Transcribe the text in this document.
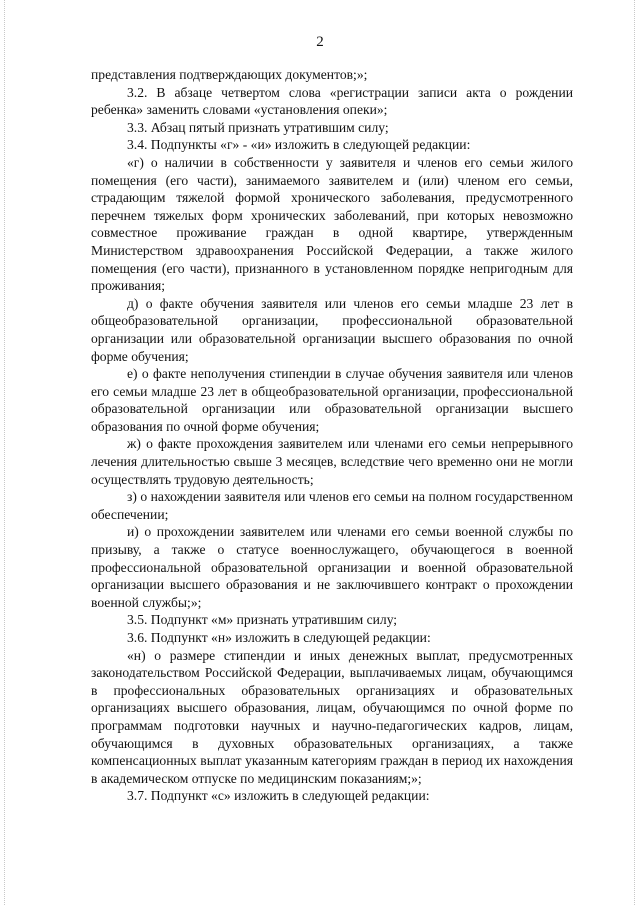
2

представления подтверждающих документов;»;

3.2. В абзаце четвертом слова «регистрации записи акта о рождении ребенка» заменить словами «установления опеки»;

3.3. Абзац пятый признать утратившим силу;

3.4. Подпункты «г» - «и» изложить в следующей редакции:

«г) о наличии в собственности у заявителя и членов его семьи жилого помещения (его части), занимаемого заявителем и (или) членом его семьи, страдающим тяжелой формой хронического заболевания, предусмотренного перечнем тяжелых форм хронических заболеваний, при которых невозможно совместное проживание граждан в одной квартире, утвержденным Министерством здравоохранения Российской Федерации, а также жилого помещения (его части), признанного в установленном порядке непригодным для проживания;

д) о факте обучения заявителя или членов его семьи младше 23 лет в общеобразовательной организации, профессиональной образовательной организации или образовательной организации высшего образования по очной форме обучения;

е) о факте неполучения стипендии в случае обучения заявителя или членов его семьи младше 23 лет в общеобразовательной организации, профессиональной образовательной организации или образовательной организации высшего образования по очной форме обучения;

ж) о факте прохождения заявителем или членами его семьи непрерывного лечения длительностью свыше 3 месяцев, вследствие чего временно они не могли осуществлять трудовую деятельность;

з) о нахождении заявителя или членов его семьи на полном государственном обеспечении;

и) о прохождении заявителем или членами его семьи военной службы по призыву, а также о статусе военнослужащего, обучающегося в военной профессиональной образовательной организации и военной образовательной организации высшего образования и не заключившего контракт о прохождении военной службы;»;

3.5. Подпункт «м» признать утратившим силу;

3.6. Подпункт «н» изложить в следующей редакции:

«н) о размере стипендии и иных денежных выплат, предусмотренных законодательством Российской Федерации, выплачиваемых лицам, обучающимся в профессиональных образовательных организациях и образовательных организациях высшего образования, лицам, обучающимся по очной форме по программам подготовки научных и научно-педагогических кадров, лицам, обучающимся в духовных образовательных организациях, а также компенсационных выплат указанным категориям граждан в период их нахождения в академическом отпуске по медицинским показаниям;»;

3.7. Подпункт «с» изложить в следующей редакции:
